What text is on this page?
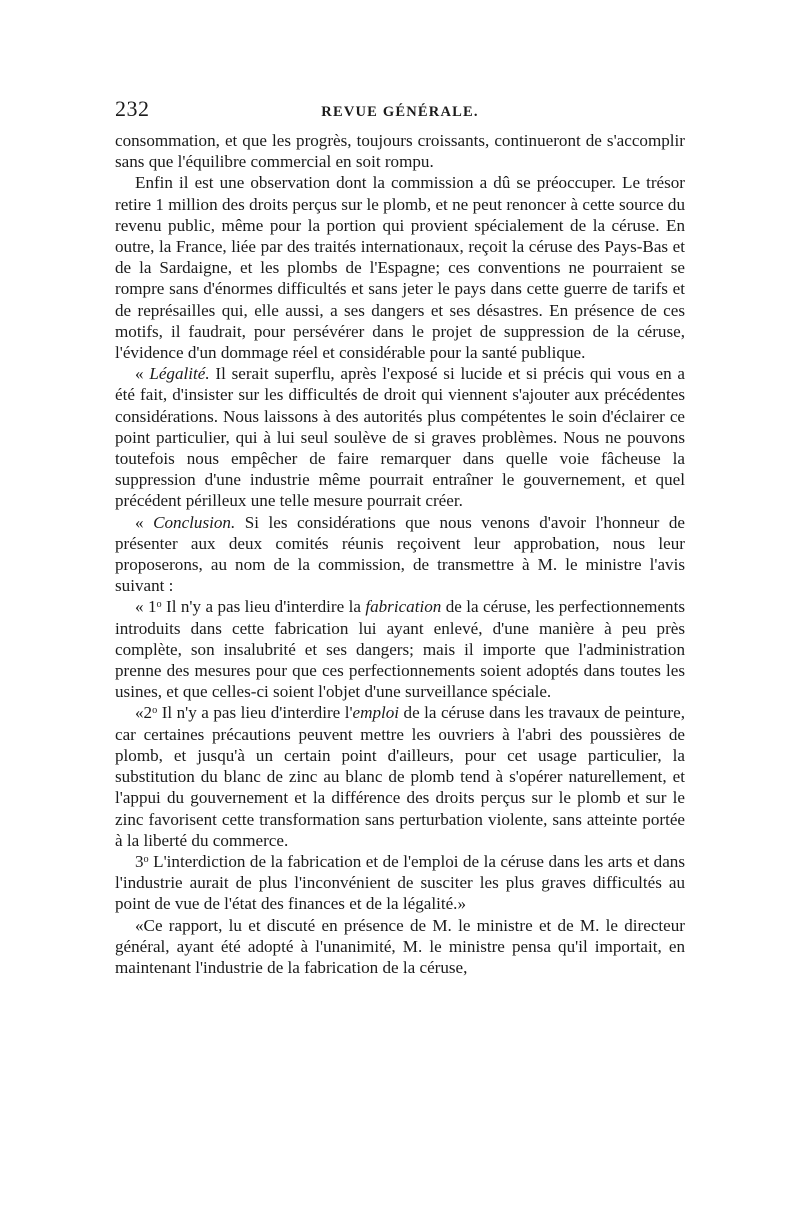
232	REVUE GÉNÉRALE.

consommation, et que les progrès, toujours croissants, continueront de s'accomplir sans que l'équilibre commercial en soit rompu.

Enfin il est une observation dont la commission a dû se préoccuper. Le trésor retire 1 million des droits perçus sur le plomb, et ne peut renoncer à cette source du revenu public, même pour la portion qui provient spécialement de la céruse. En outre, la France, liée par des traités internationaux, reçoit la céruse des Pays-Bas et de la Sardaigne, et les plombs de l'Espagne; ces conventions ne pourraient se rompre sans d'énormes difficultés et sans jeter le pays dans cette guerre de tarifs et de représailles qui, elle aussi, a ses dangers et ses désastres. En présence de ces motifs, il faudrait, pour persévérer dans le projet de suppression de la céruse, l'évidence d'un dommage réel et considérable pour la santé publique.

« Légalité. Il serait superflu, après l'exposé si lucide et si précis qui vous en a été fait, d'insister sur les difficultés de droit qui viennent s'ajouter aux précédentes considérations. Nous laissons à des autorités plus compétentes le soin d'éclairer ce point particulier, qui à lui seul soulève de si graves problèmes. Nous ne pouvons toutefois nous empêcher de faire remarquer dans quelle voie fâcheuse la suppression d'une industrie même pourrait entraîner le gouvernement, et quel précédent périlleux une telle mesure pourrait créer.

« Conclusion. Si les considérations que nous venons d'avoir l'honneur de présenter aux deux comités réunis reçoivent leur approbation, nous leur proposerons, au nom de la commission, de transmettre à M. le ministre l'avis suivant :

« 1$^o$ Il n'y a pas lieu d'interdire la fabrication de la céruse, les perfectionnements introduits dans cette fabrication lui ayant enlevé, d'une manière à peu près complète, son insalubrité et ses dangers; mais il importe que l'administration prenne des mesures pour que ces perfectionnements soient adoptés dans toutes les usines, et que celles-ci soient l'objet d'une surveillance spéciale.

«2$^o$ Il n'y a pas lieu d'interdire l'emploi de la céruse dans les travaux de peinture, car certaines précautions peuvent mettre les ouvriers à l'abri des poussières de plomb, et jusqu'à un certain point d'ailleurs, pour cet usage particulier, la substitution du blanc de zinc au blanc de plomb tend à s'opérer naturellement, et l'appui du gouvernement et la différence des droits perçus sur le plomb et sur le zinc favorisent cette transformation sans perturbation violente, sans atteinte portée à la liberté du commerce.

3$^o$ L'interdiction de la fabrication et de l'emploi de la céruse dans les arts et dans l'industrie aurait de plus l'inconvénient de susciter les plus graves difficultés au point de vue de l'état des finances et de la légalité.»

«Ce rapport, lu et discuté en présence de M. le ministre et de M. le directeur général, ayant été adopté à l'unanimité, M. le ministre pensa qu'il importait, en maintenant l'industrie de la fabrication de la céruse,
